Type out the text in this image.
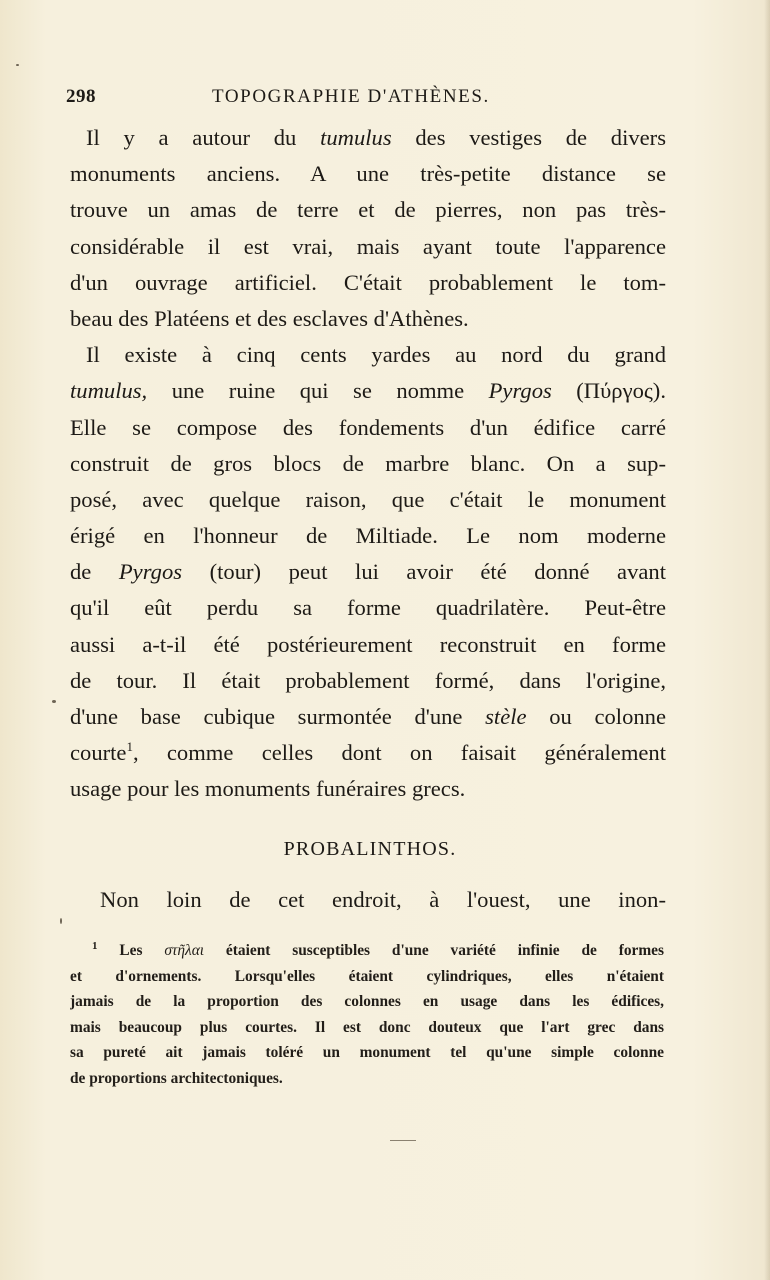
298	TOPOGRAPHIE D'ATHÈNES.
Il y a autour du tumulus des vestiges de divers
monuments anciens. A une très-petite distance se
trouve un amas de terre et de pierres, non pas très-
considérable il est vrai, mais ayant toute l'apparence
d'un ouvrage artificiel. C'était probablement le tom-
beau des Platéens et des esclaves d'Athènes.
Il existe à cinq cents yardes au nord du grand
tumulus, une ruine qui se nomme Pyrgos (Πύργος).
Elle se compose des fondements d'un édifice carré
construit de gros blocs de marbre blanc. On a sup-
posé, avec quelque raison, que c'était le monument
érigé en l'honneur de Miltiade. Le nom moderne
de Pyrgos (tour) peut lui avoir été donné avant
qu'il eût perdu sa forme quadrilatère. Peut-être
aussi a-t-il été postérieurement reconstruit en forme
de tour. Il était probablement formé, dans l'origine,
d'une base cubique surmontée d'une stèle ou colonne
courte$^1$, comme celles dont on faisait généralement
usage pour les monuments funéraires grecs.
PROBALINTHOS.
Non loin de cet endroit, à l'ouest, une inon-
$^1$ Les στῆλαι étaient susceptibles d'une variété infinie de formes
et d'ornements. Lorsqu'elles étaient cylindriques, elles n'étaient
jamais de la proportion des colonnes en usage dans les édifices,
mais beaucoup plus courtes. Il est donc douteux que l'art grec dans
sa pureté ait jamais toléré un monument tel qu'une simple colonne
de proportions architectoniques.
